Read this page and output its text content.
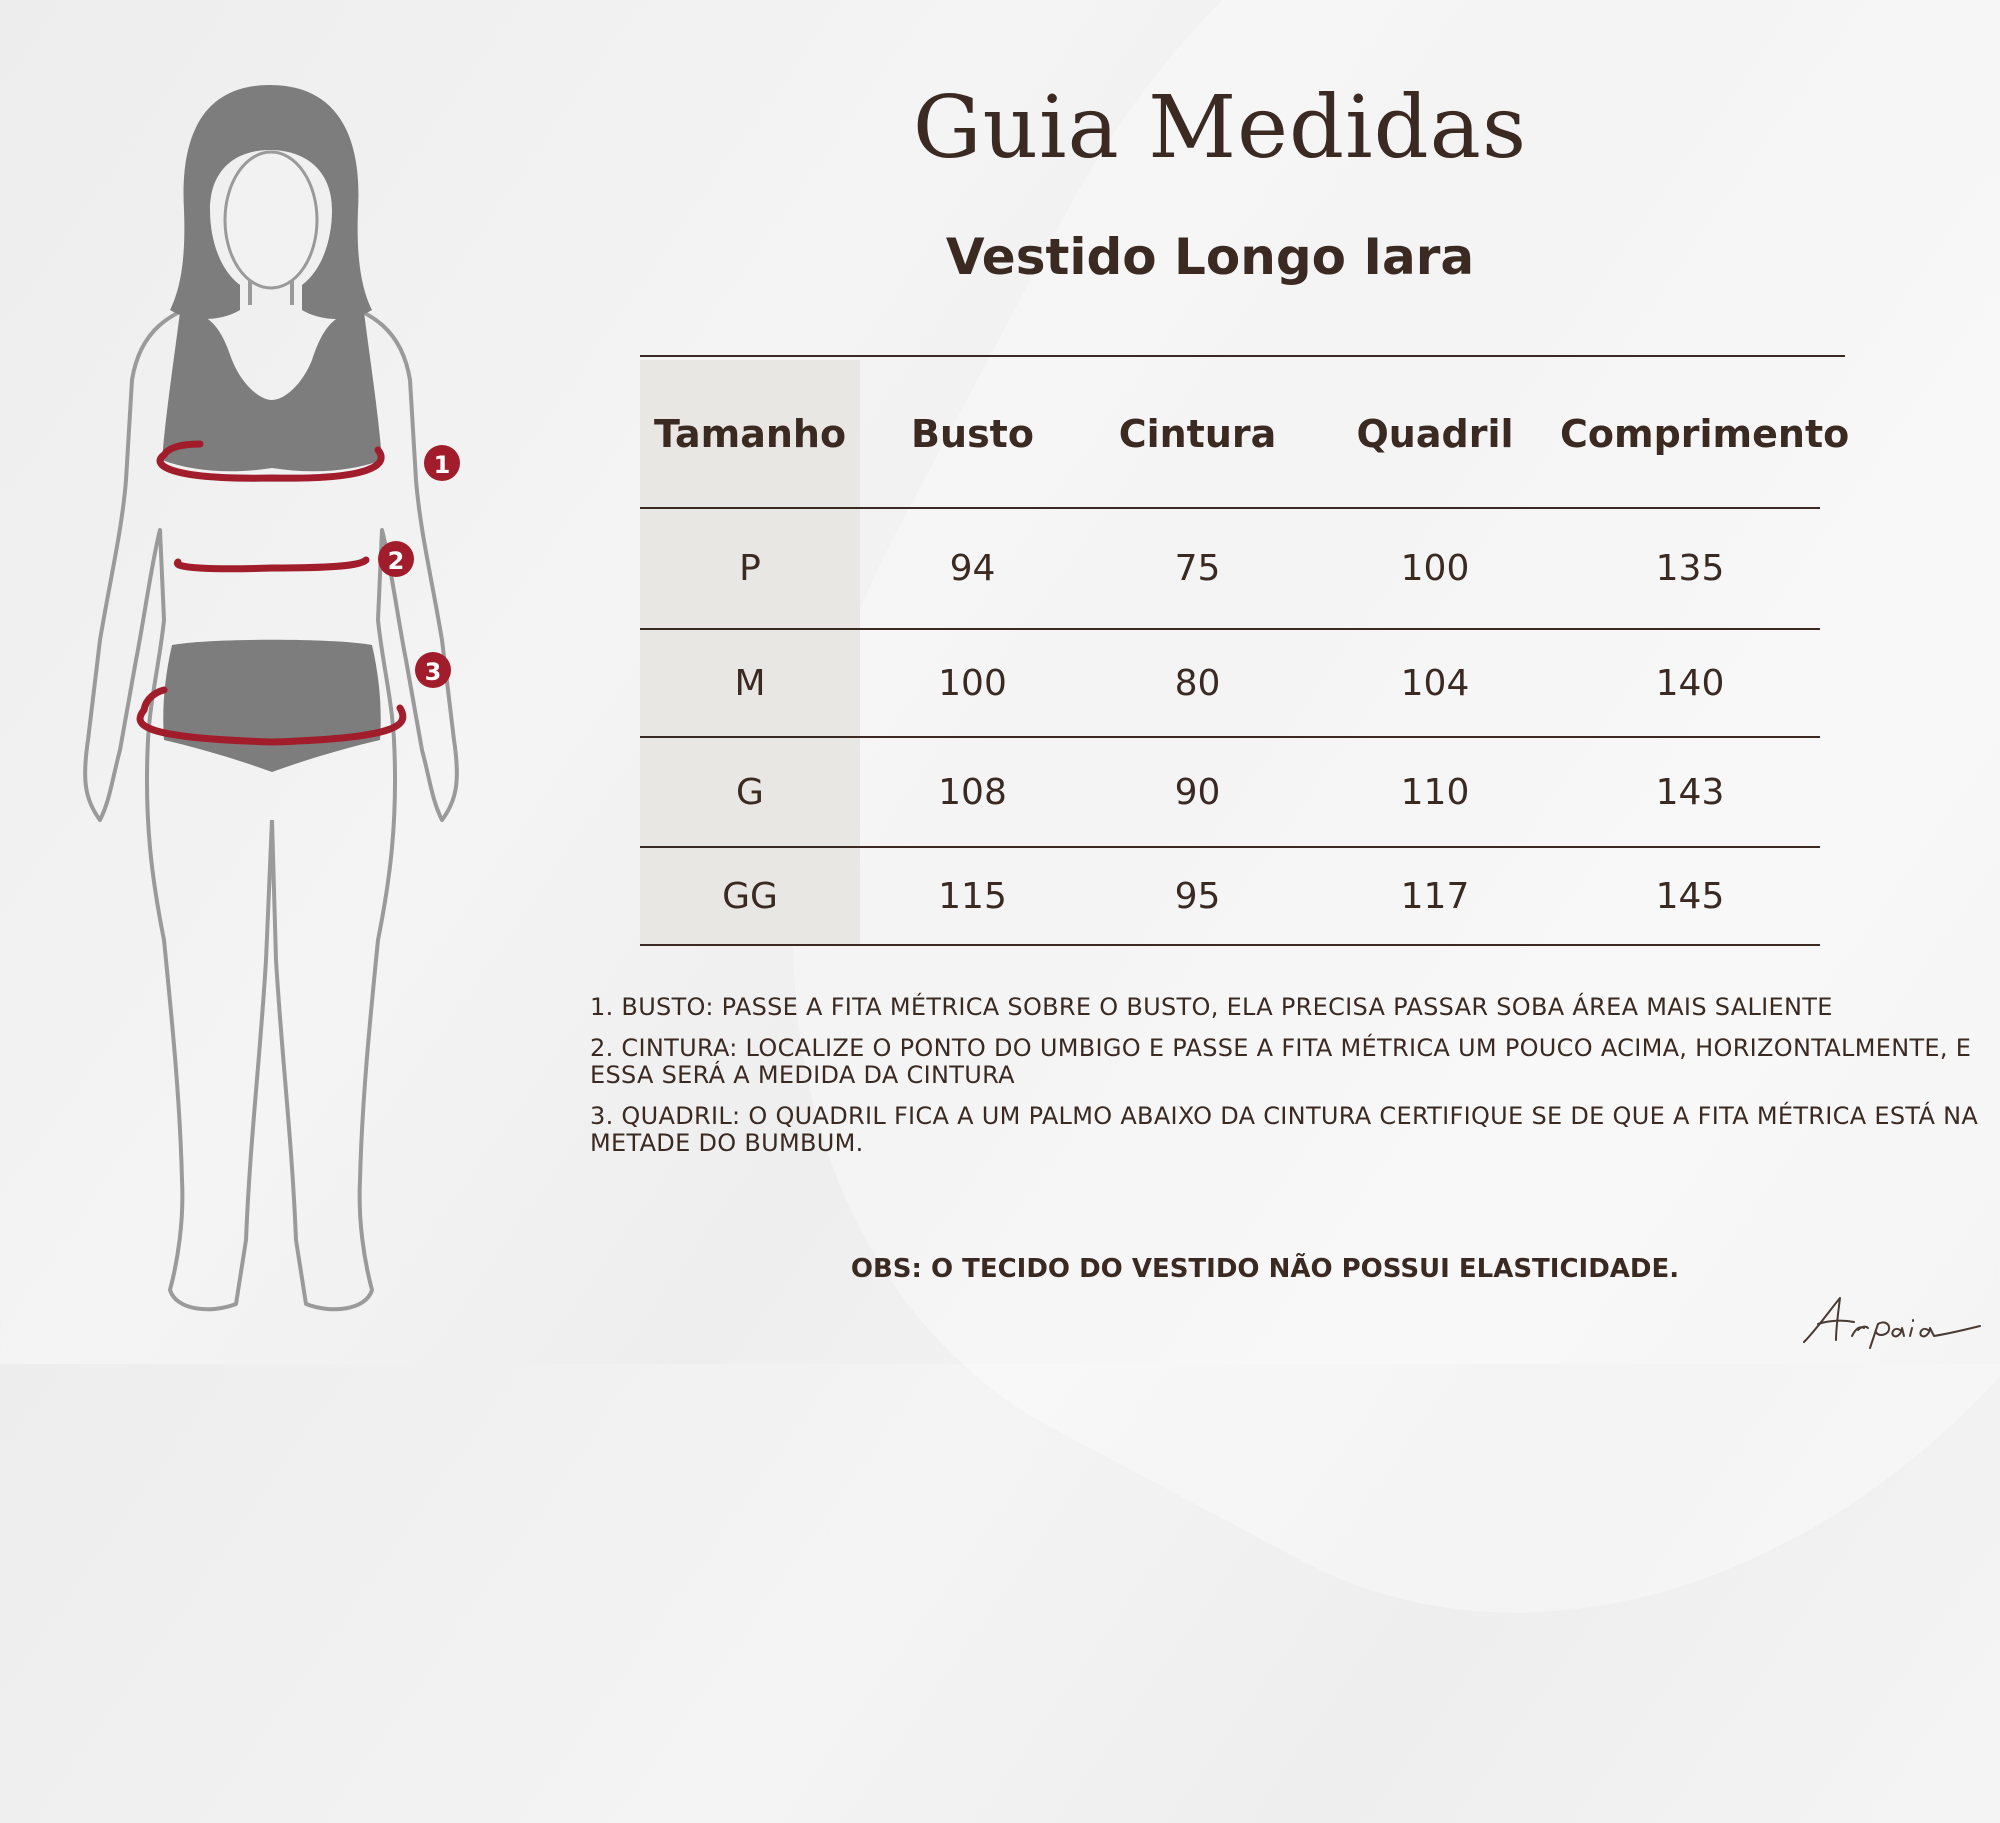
1
2
3
Guia Medidas
Vestido Longo Iara
Tamanho	Busto	Cintura	Quadril	Comprimento
P	94	75	100	135
M	100	80	104	140
G	108	90	110	143
GG	115	95	117	145
1. BUSTO: PASSE A FITA MÉTRICA SOBRE O BUSTO, ELA PRECISA PASSAR SOBA ÁREA MAIS SALIENTE
2. CINTURA: LOCALIZE O PONTO DO UMBIGO E PASSE A FITA MÉTRICA UM POUCO ACIMA, HORIZONTALMENTE, E ESSA SERÁ A MEDIDA DA CINTURA
3. QUADRIL: O QUADRIL FICA A UM PALMO ABAIXO DA CINTURA CERTIFIQUE SE DE QUE A FITA MÉTRICA ESTÁ NA METADE DO BUMBUM.

OBS: O TECIDO DO VESTIDO NÃO POSSUI ELASTICIDADE.
